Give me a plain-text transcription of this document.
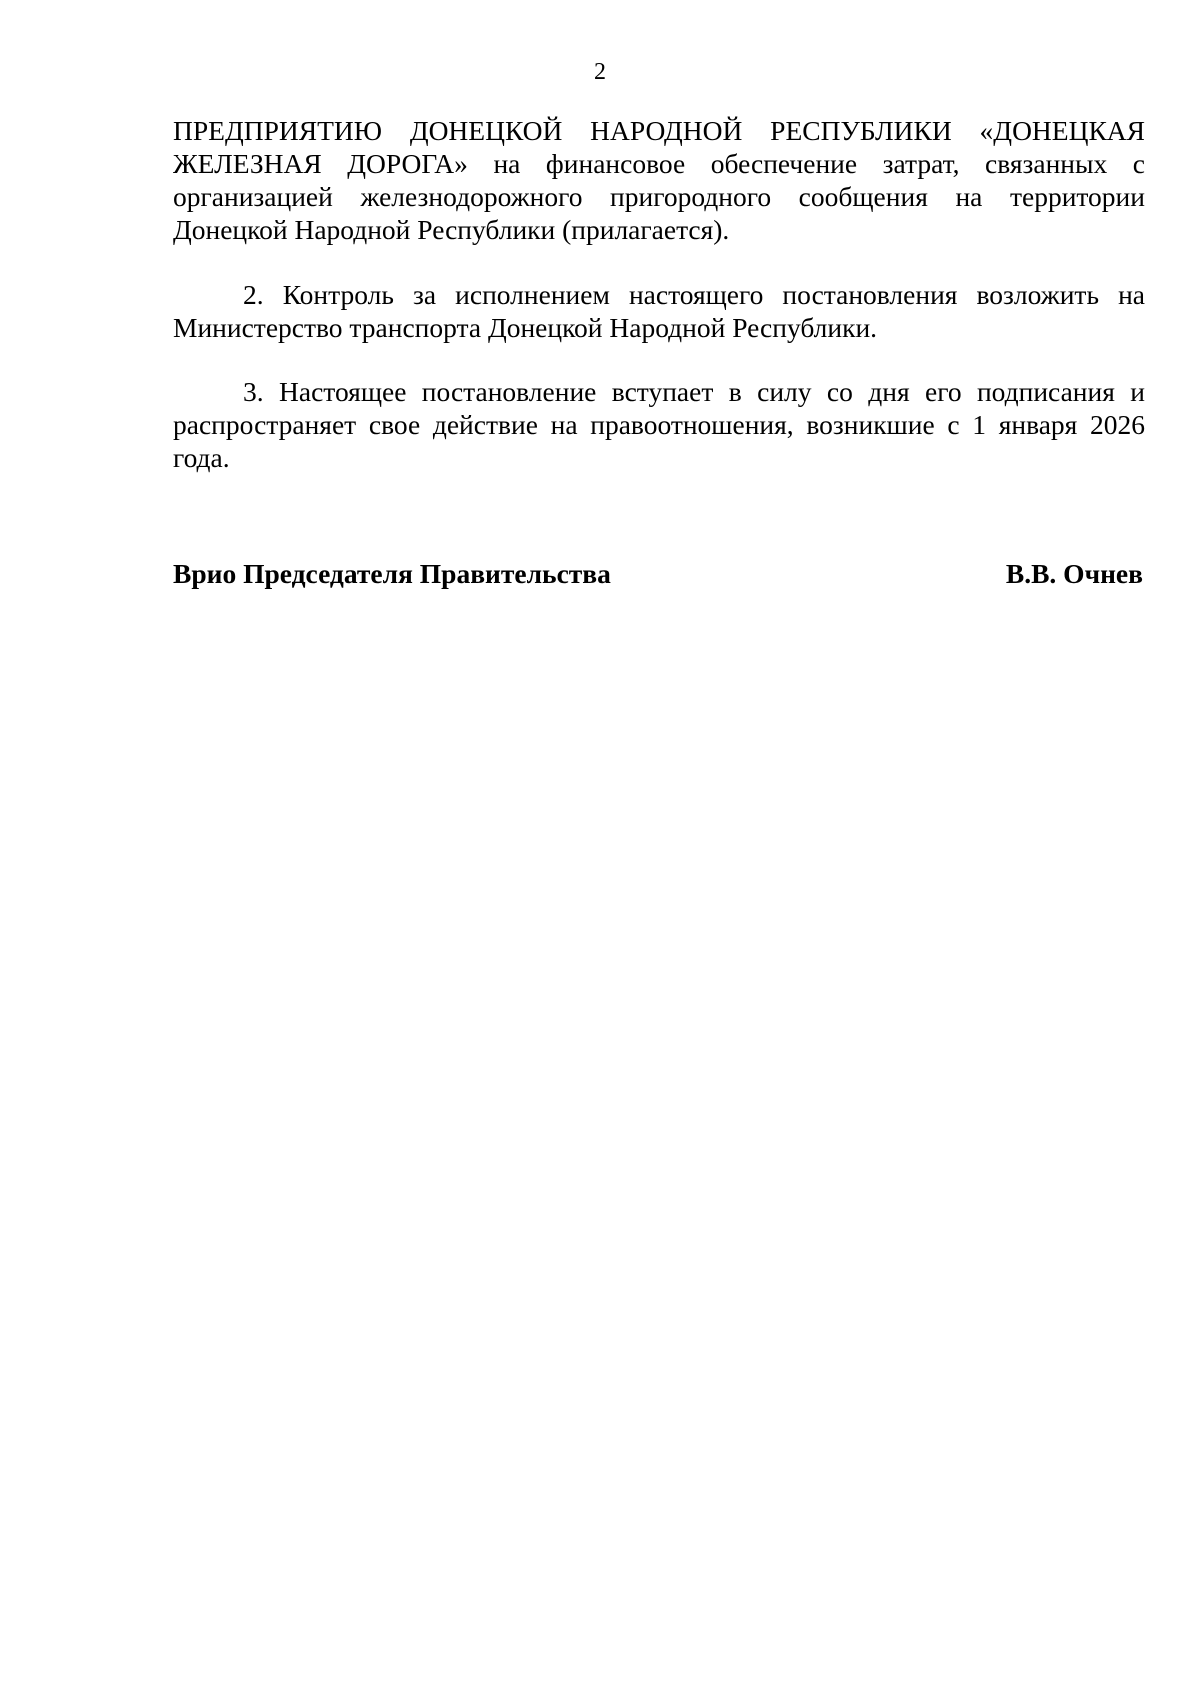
2

ПРЕДПРИЯТИЮ ДОНЕЦКОЙ НАРОДНОЙ РЕСПУБЛИКИ «ДОНЕЦКАЯ ЖЕЛЕЗНАЯ ДОРОГА» на финансовое обеспечение затрат, связанных с организацией железнодорожного пригородного сообщения на территории Донецкой Народной Республики (прилагается).

2. Контроль за исполнением настоящего постановления возложить на Министерство транспорта Донецкой Народной Республики.

3. Настоящее постановление вступает в силу со дня его подписания и распространяет свое действие на правоотношения, возникшие с 1 января 2026 года.

Врио Председателя Правительства	В.В. Очнев
